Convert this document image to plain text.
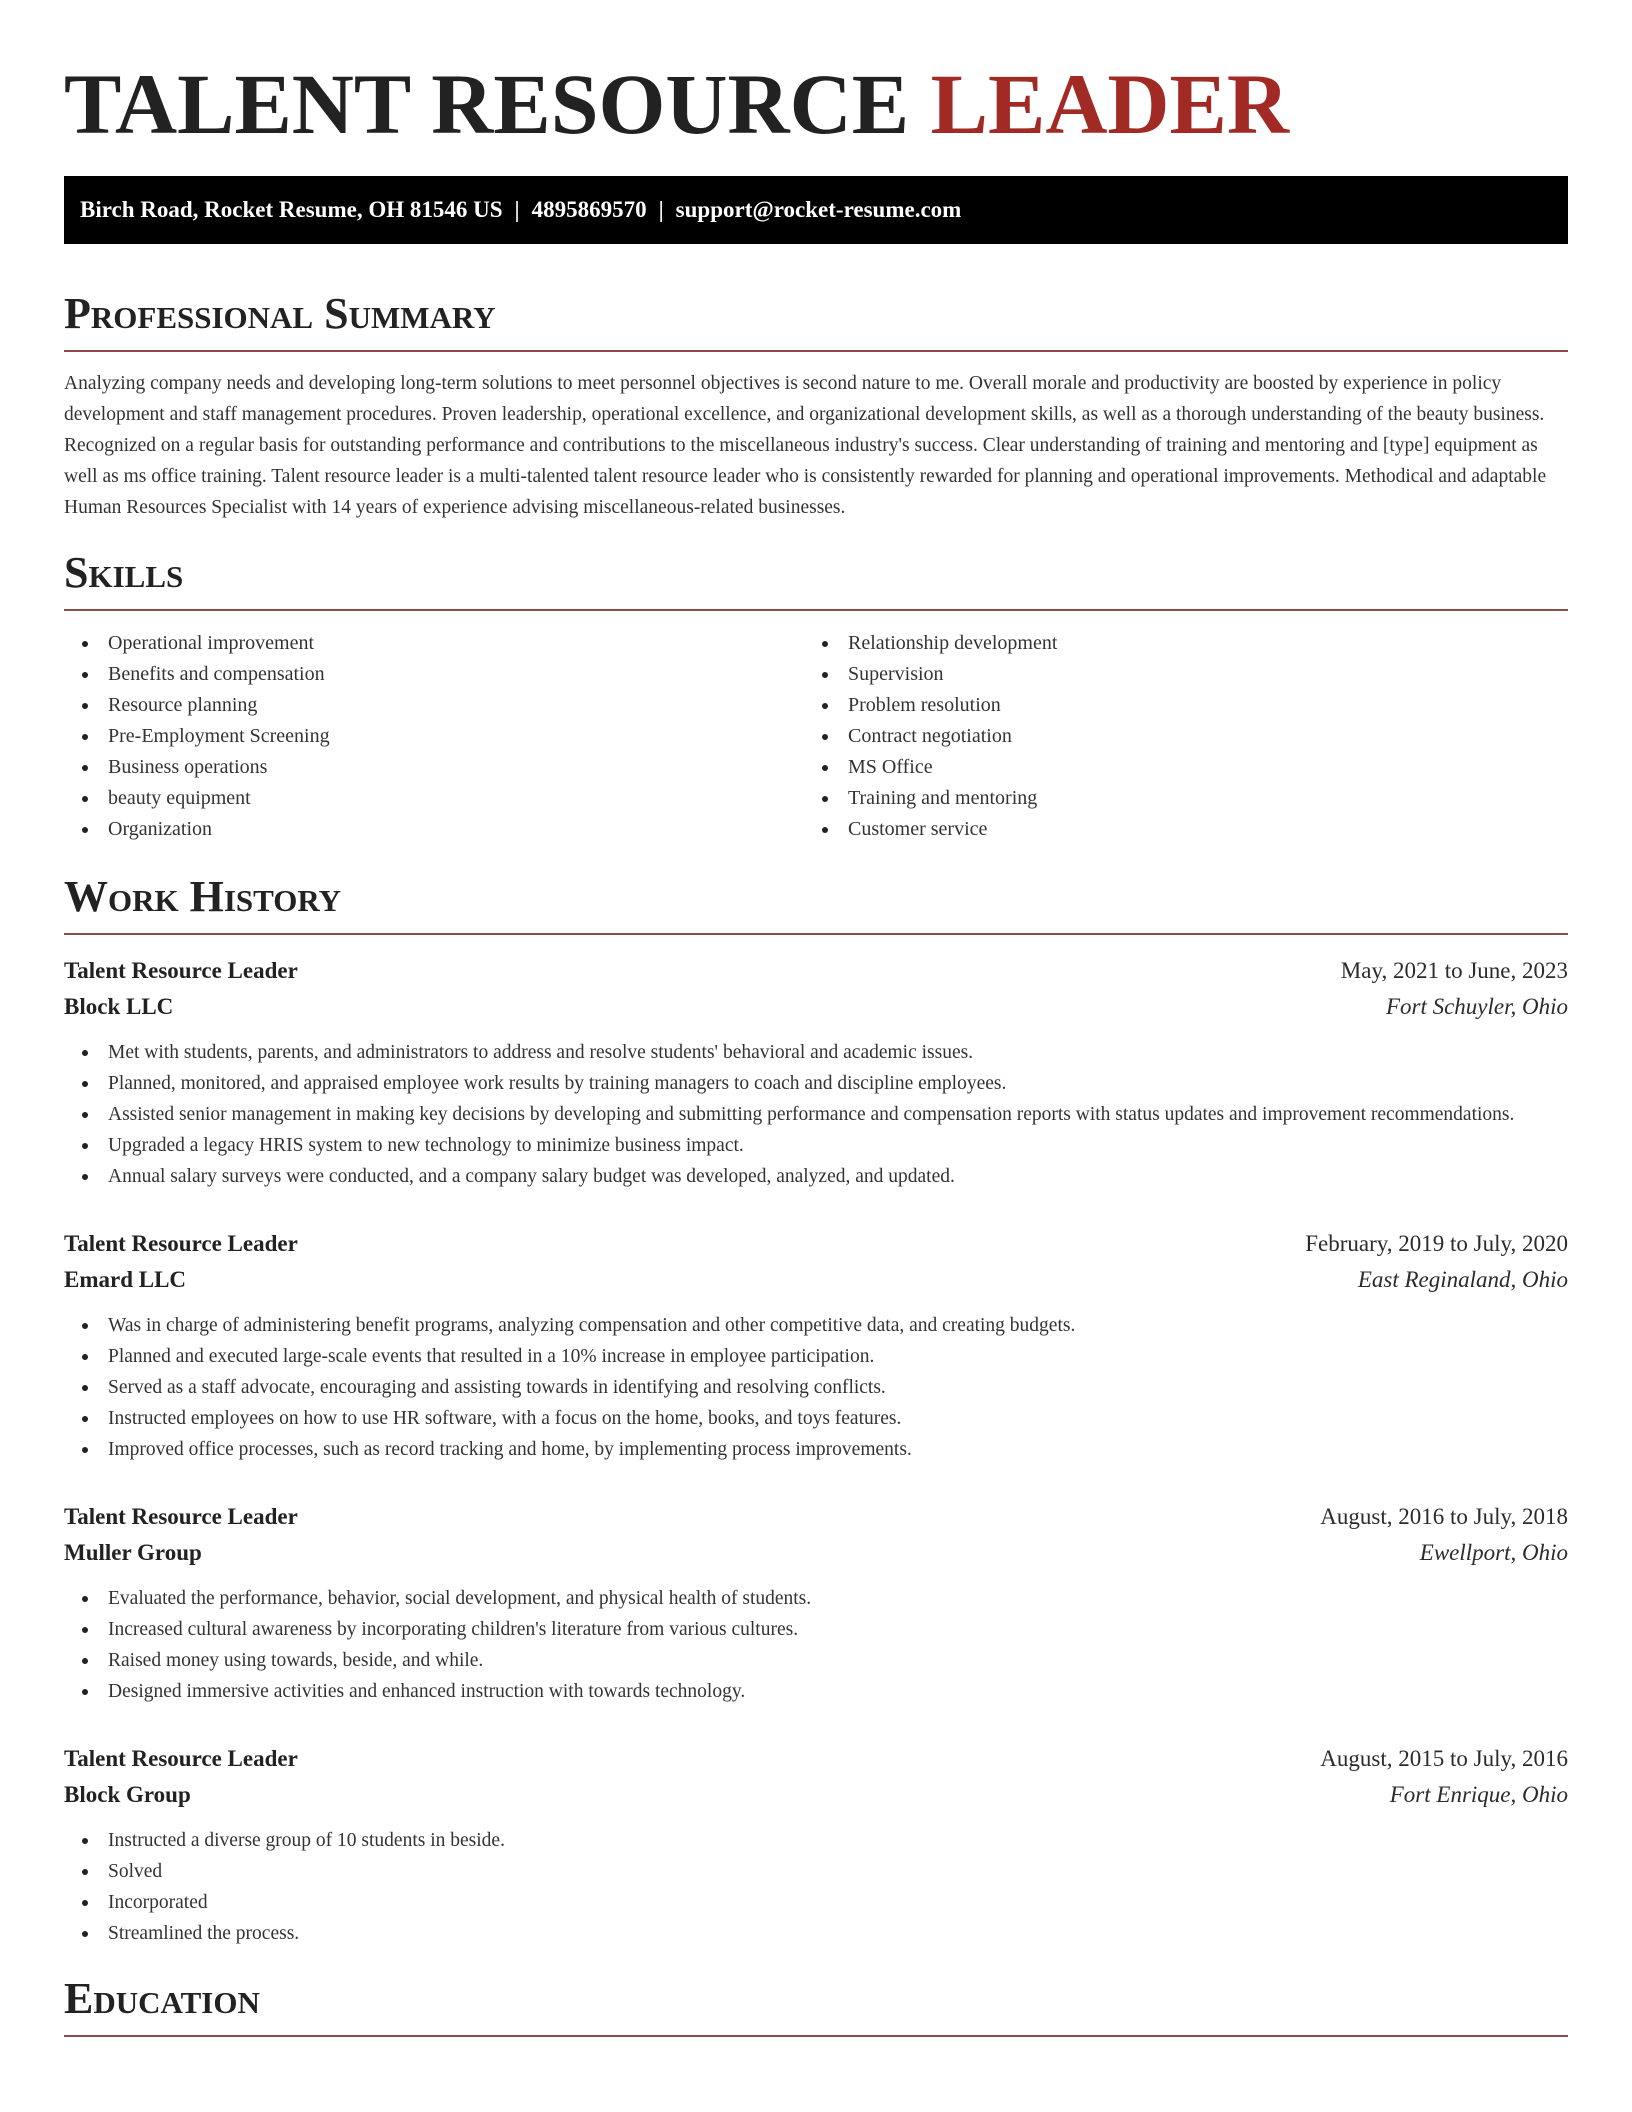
TALENT RESOURCE LEADER
Birch Road, Rocket Resume, OH 81546 US | 4895869570 | support@rocket-resume.com
Professional Summary

Analyzing company needs and developing long-term solutions to meet personnel objectives is second nature to me. Overall morale and productivity are boosted by experience in policy development and staff management procedures. Proven leadership, operational excellence, and organizational development skills, as well as a thorough understanding of the beauty business. Recognized on a regular basis for outstanding performance and contributions to the miscellaneous industry's success. Clear understanding of training and mentoring and [type] equipment as well as ms office training. Talent resource leader is a multi-talented talent resource leader who is consistently rewarded for planning and operational improvements. Methodical and adaptable Human Resources Specialist with 14 years of experience advising miscellaneous-related businesses.

Skills
Operational improvement
Benefits and compensation
Resource planning
Pre-Employment Screening
Business operations
beauty equipment
Organization
Relationship development
Supervision
Problem resolution
Contract negotiation
MS Office
Training and mentoring
Customer service
Work History
Talent Resource Leader	May, 2021 to June, 2023
Block LLC	Fort Schuyler, Ohio
Met with students, parents, and administrators to address and resolve students' behavioral and academic issues.
Planned, monitored, and appraised employee work results by training managers to coach and discipline employees.
Assisted senior management in making key decisions by developing and submitting performance and compensation reports with status updates and improvement recommendations.
Upgraded a legacy HRIS system to new technology to minimize business impact.
Annual salary surveys were conducted, and a company salary budget was developed, analyzed, and updated.
Talent Resource Leader	February, 2019 to July, 2020
Emard LLC	East Reginaland, Ohio
Was in charge of administering benefit programs, analyzing compensation and other competitive data, and creating budgets.
Planned and executed large-scale events that resulted in a 10% increase in employee participation.
Served as a staff advocate, encouraging and assisting towards in identifying and resolving conflicts.
Instructed employees on how to use HR software, with a focus on the home, books, and toys features.
Improved office processes, such as record tracking and home, by implementing process improvements.
Talent Resource Leader	August, 2016 to July, 2018
Muller Group	Ewellport, Ohio
Evaluated the performance, behavior, social development, and physical health of students.
Increased cultural awareness by incorporating children's literature from various cultures.
Raised money using towards, beside, and while.
Designed immersive activities and enhanced instruction with towards technology.
Talent Resource Leader	August, 2015 to July, 2016
Block Group	Fort Enrique, Ohio
Instructed a diverse group of 10 students in beside.
Solved
Incorporated
Streamlined the process.
Education
